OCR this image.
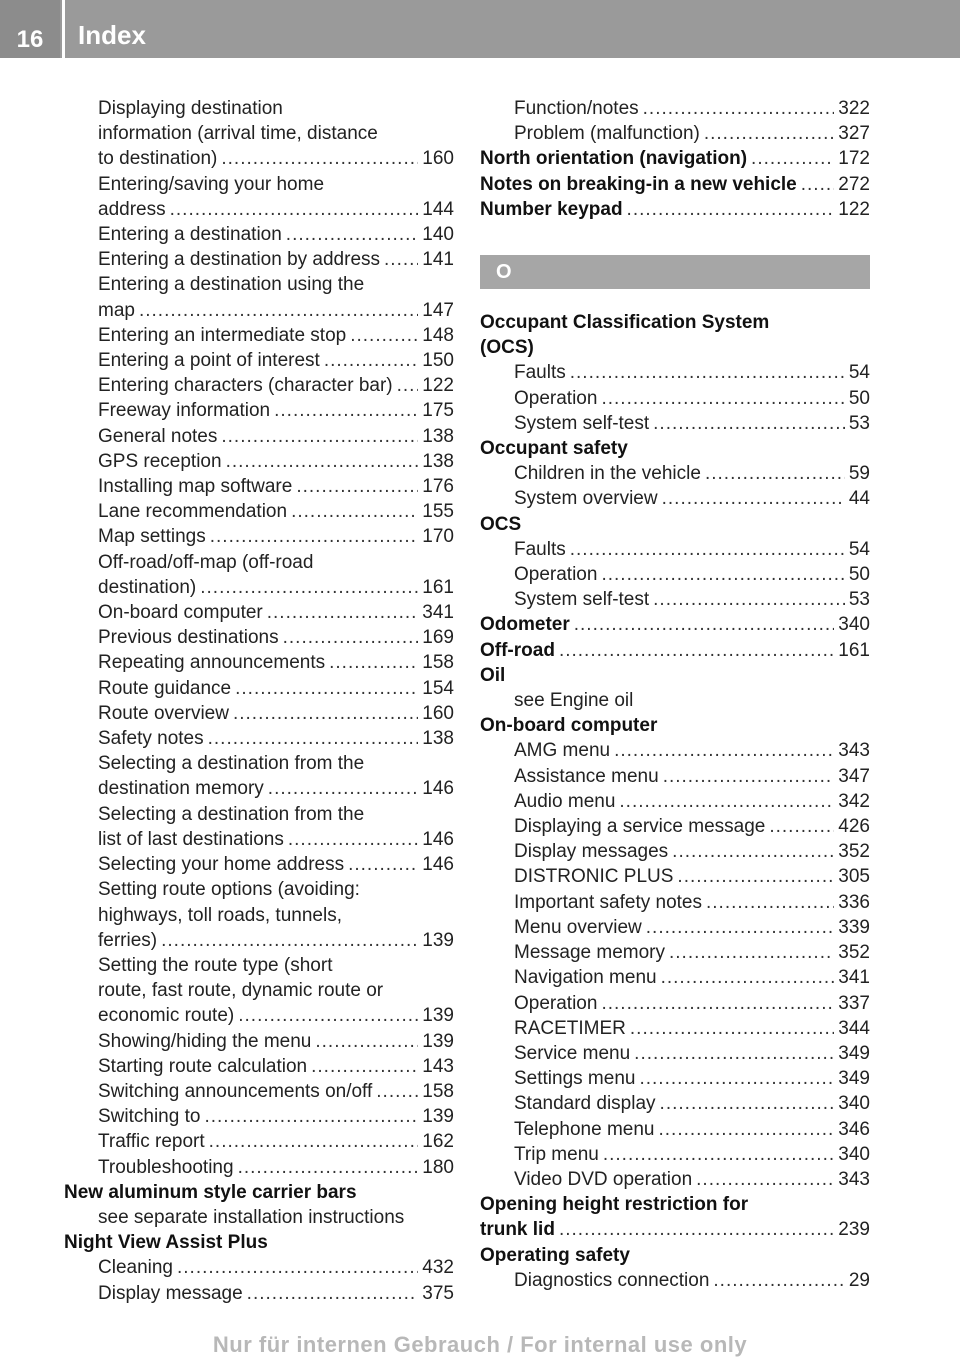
16	Index
Displaying destination
information (arrival time, distance
to destination) .....	160
Entering/saving your home
address .....	144
Entering a destination .....	140
Entering a destination by address ..... 141
Entering a destination using the
map .....	147
Entering an intermediate stop .....	148
Entering a point of interest .....	150
Entering characters (character bar) ..... 122
Freeway information .....	175
General notes .....	138
GPS reception .....	138
Installing map software .....	176
Lane recommendation .....	155
Map settings .....	170
Off-road/off-map (off-road
destination) .....	161
On-board computer .....	341
Previous destinations .....	169
Repeating announcements .....	158
Route guidance .....	154
Route overview .....	160
Safety notes .....	138
Selecting a destination from the
destination memory .....	146
Selecting a destination from the
list of last destinations .....	146
Selecting your home address .....	146
Setting route options (avoiding:
highways, toll roads, tunnels,
ferries) .....	139
Setting the route type (short
route, fast route, dynamic route or
economic route) .....	139
Showing/hiding the menu .....	139
Starting route calculation .....	143
Switching announcements on/off .....	158
Switching to .....	139
Traffic report .....	162
Troubleshooting .....	180
New aluminum style carrier bars
see separate installation instructions
Night View Assist Plus
Cleaning .....	432
Display message .....	375
Function/notes .....	322
Problem (malfunction) .....	327
North orientation (navigation) .....	172
Notes on breaking-in a new vehicle ..... 272
Number keypad .....	122
O
Occupant Classification System
(OCS)
Faults .....	54
Operation .....	50
System self-test .....	53
Occupant safety
Children in the vehicle .....	59
System overview .....	44
OCS
Faults .....	54
Operation .....	50
System self-test .....	53
Odometer .....	340
Off-road .....	161
Oil
see Engine oil
On-board computer
AMG menu .....	343
Assistance menu .....	347
Audio menu .....	342
Displaying a service message .....	426
Display messages .....	352
DISTRONIC PLUS .....	305
Important safety notes .....	336
Menu overview .....	339
Message memory .....	352
Navigation menu .....	341
Operation .....	337
RACETIMER .....	344
Service menu .....	349
Settings menu .....	349
Standard display .....	340
Telephone menu .....	346
Trip menu .....	340
Video DVD operation .....	343
Opening height restriction for
trunk lid .....	239
Operating safety
Diagnostics connection .....	29
Nur für internen Gebrauch / For internal use only
